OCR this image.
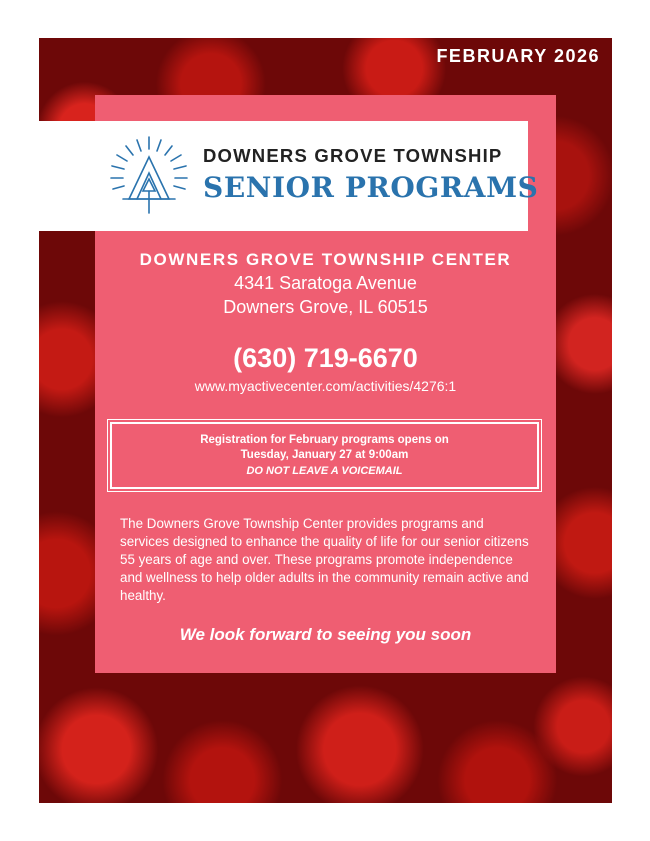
FEBRUARY 2026
DOWNERS GROVE TOWNSHIP
SENIOR PROGRAMS
DOWNERS GROVE TOWNSHIP CENTER
4341 Saratoga Avenue
Downers Grove, IL 60515
(630) 719-6670
www.myactivecenter.com/activities/4276:1
Registration for February programs opens on
Tuesday, January 27 at 9:00am
DO NOT LEAVE A VOICEMAIL
The Downers Grove Township Center provides programs and services designed to enhance the quality of life for our senior citizens 55 years of age and over. These programs promote independence and wellness to help older adults in the community remain active and healthy.
We look forward to seeing you soon
